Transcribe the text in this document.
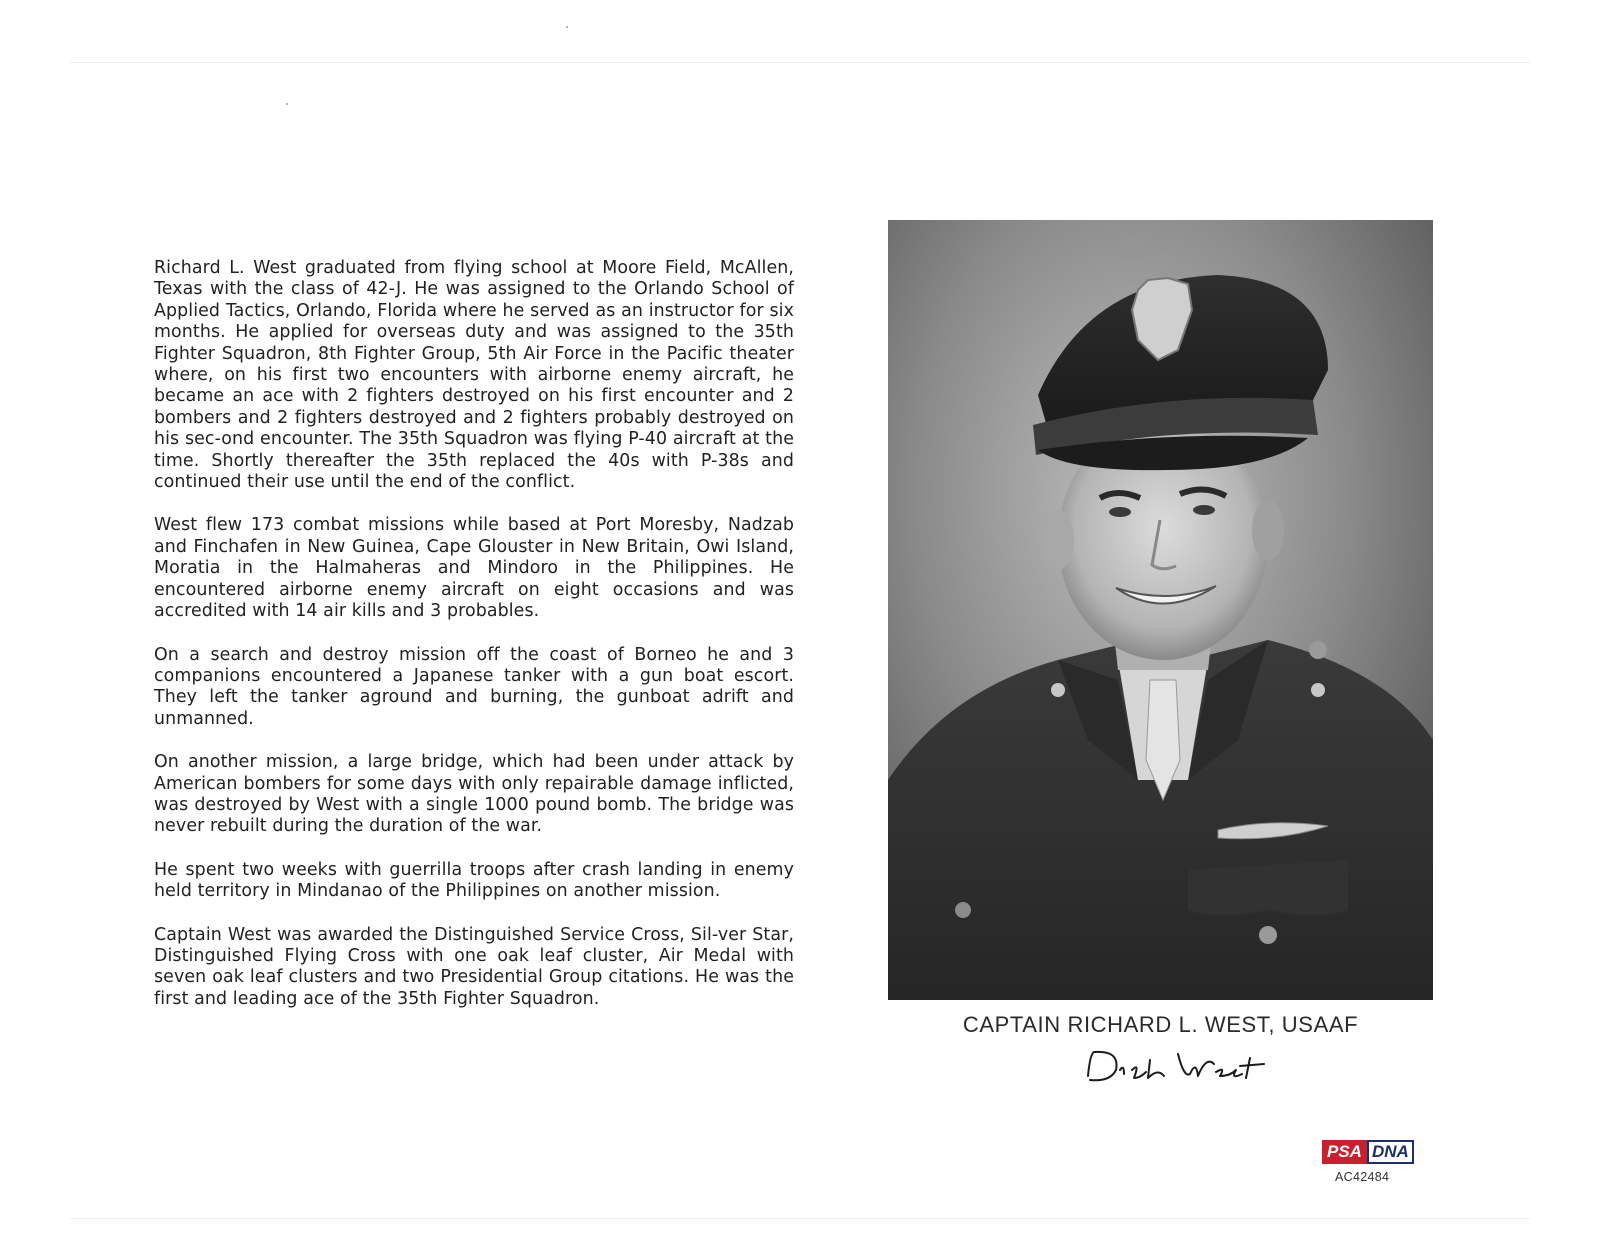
Richard L. West graduated from flying school at Moore Field, McAllen, Texas with the class of 42-J. He was assigned to the Orlando School of Applied Tactics, Orlando, Florida where he served as an instructor for six months. He applied for overseas duty and was assigned to the 35th Fighter Squadron, 8th Fighter Group, 5th Air Force in the Pacific theater where, on his first two encounters with airborne enemy aircraft, he became an ace with 2 fighters destroyed on his first encounter and 2 bombers and 2 fighters destroyed and 2 fighters probably destroyed on his sec-ond encounter. The 35th Squadron was flying P-40 aircraft at the time. Shortly thereafter the 35th replaced the 40s with P-38s and continued their use until the end of the conflict.

West flew 173 combat missions while based at Port Moresby, Nadzab and Finchafen in New Guinea, Cape Glouster in New Britain, Owi Island, Moratia in the Halmaheras and Mindoro in the Philippines. He encountered airborne enemy aircraft on eight occasions and was accredited with 14 air kills and 3 probables.

On a search and destroy mission off the coast of Borneo he and 3 companions encountered a Japanese tanker with a gun boat escort. They left the tanker aground and burning, the gunboat adrift and unmanned.

On another mission, a large bridge, which had been under attack by American bombers for some days with only repairable damage inflicted, was destroyed by West with a single 1000 pound bomb. The bridge was never rebuilt during the duration of the war.

He spent two weeks with guerrilla troops after crash landing in enemy held territory in Mindanao of the Philippines on another mission.

Captain West was awarded the Distinguished Service Cross, Sil-ver Star, Distinguished Flying Cross with one oak leaf cluster, Air Medal with seven oak leaf clusters and two Presidential Group citations. He was the first and leading ace of the 35th Fighter Squadron.

CAPTAIN RICHARD L. WEST, USAAF
PSA DNA
AC42484
